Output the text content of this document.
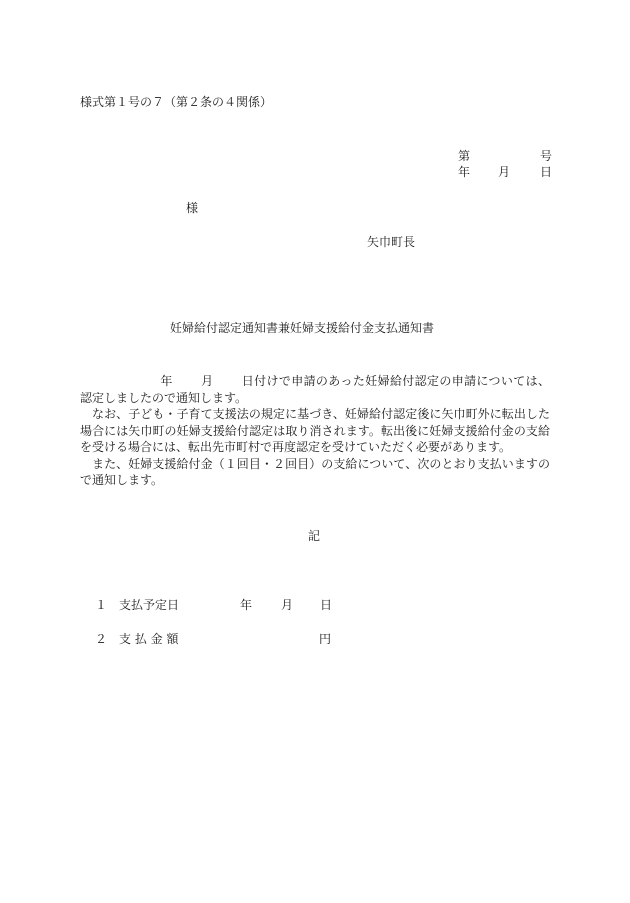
様式第１号の７（第２条の４関係）

第

	号

年

月

日

様
矢巾町長
妊婦給付認定通知書兼妊婦支援給付金支払通知書

年 月 日付けで申請のあった妊婦給付認定の申請については、認定しましたので通知します。

なお、子ども・子育て支援法の規定に基づき、妊婦給付認定後に矢巾町外に転出した場合には矢巾町の妊婦支援給付認定は取り消されます。転出後に妊婦支援給付金の支給を受ける場合には、転出先市町村で再度認定を受けていただく必要があります。

また、妊婦支援給付金（１回目・２回目）の支給について、次のとおり支払いますので通知します。

記
１ 支払予定日	年 月 日
２ 支 払 金 額	円
